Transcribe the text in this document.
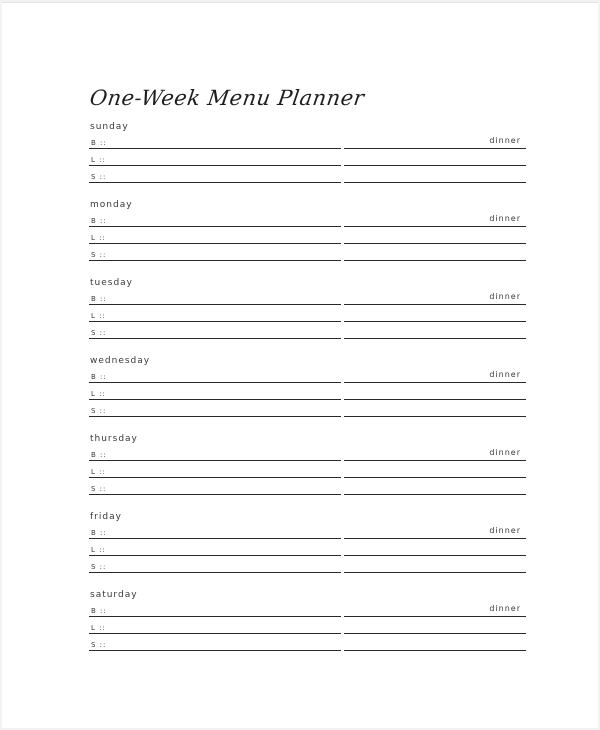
One-Week Menu Planner
sunday
dinner
B ::
L ::
S ::
monday
dinner
B ::
L ::
S ::
tuesday
dinner
B ::
L ::
S ::
wednesday
dinner
B ::
L ::
S ::
thursday
dinner
B ::
L ::
S ::
friday
dinner
B ::
L ::
S ::
saturday
dinner
B ::
L ::
S ::
